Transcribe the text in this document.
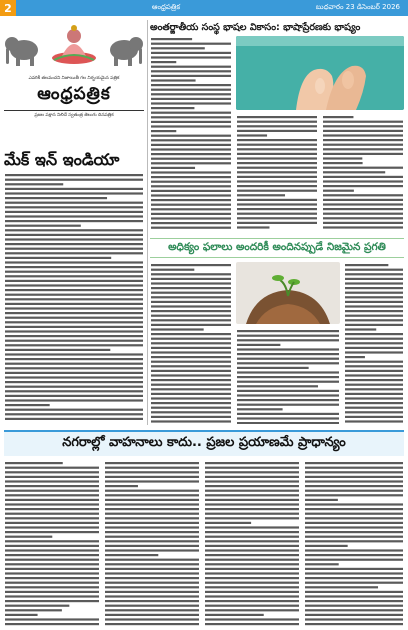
2	ఆంధ్రపత్రిక	బుధవారం 23 డిసెంబర్ 2026
ఎవరికీ తలవంచని నిజాయితీ గల నిర్భయమైన పత్రిక
ఆంధ్రపత్రిక
ప్రజల పక్షాన నిలిచే స్వతంత్ర తెలుగు దినపత్రిక
మేక్ ఇన్ ఇండియా
అంతర్జాతీయ సంస్థ భాషల వికాసం: భాషాప్రేరణకు భాష్యం
అధిక్యం ఫలాలు అందరికీ అందినప్పుడే నిజమైన ప్రగతి
నగరాల్లో వాహనాలు కాదు.. ప్రజల ప్రయాణమే ప్రాధాన్యం
